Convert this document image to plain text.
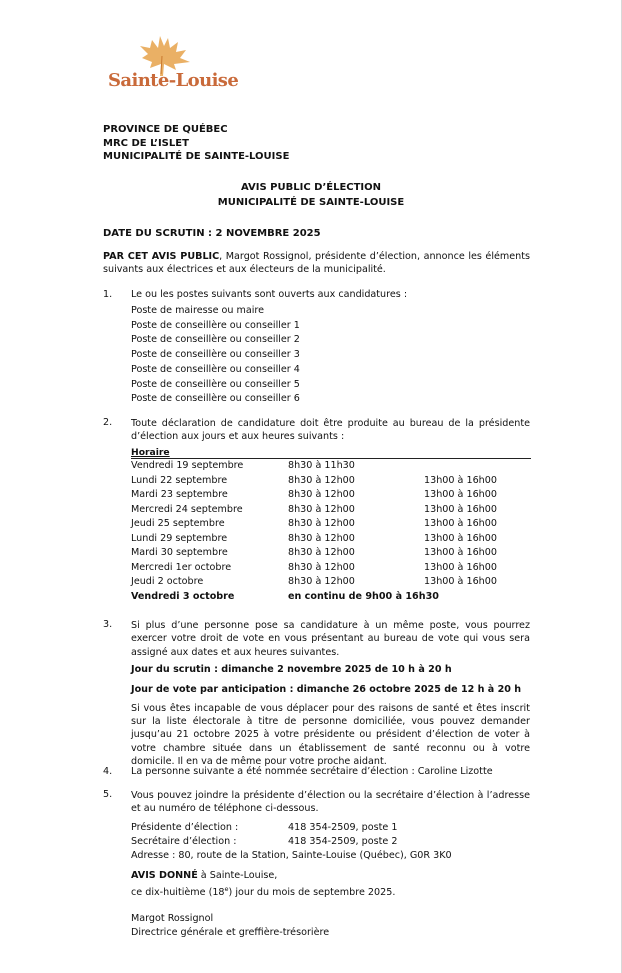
Sainte-Louise
PROVINCE DE QUÉBEC
MRC DE L’ISLET
MUNICIPALITÉ DE SAINTE-LOUISE
AVIS PUBLIC D’ÉLECTION
MUNICIPALITÉ DE SAINTE-LOUISE
DATE DU SCRUTIN : 2 NOVEMBRE 2025
PAR CET AVIS PUBLIC, Margot Rossignol, présidente d’élection, annonce les éléments suivants aux électrices et aux électeurs de la municipalité.
1. Le ou les postes suivants sont ouverts aux candidatures :
Poste de mairesse ou maire
Poste de conseillère ou conseiller 1
Poste de conseillère ou conseiller 2
Poste de conseillère ou conseiller 3
Poste de conseillère ou conseiller 4
Poste de conseillère ou conseiller 5
Poste de conseillère ou conseiller 6
2. Toute déclaration de candidature doit être produite au bureau de la présidente d’élection aux jours et aux heures suivants :
Horaire
Vendredi 19 septembre	8h30 à 11h30
Lundi 22 septembre	8h30 à 12h00	13h00 à 16h00
Mardi 23 septembre	8h30 à 12h00	13h00 à 16h00
Mercredi 24 septembre	8h30 à 12h00	13h00 à 16h00
Jeudi 25 septembre	8h30 à 12h00	13h00 à 16h00
Lundi 29 septembre	8h30 à 12h00	13h00 à 16h00
Mardi 30 septembre	8h30 à 12h00	13h00 à 16h00
Mercredi 1er octobre	8h30 à 12h00	13h00 à 16h00
Jeudi 2 octobre	8h30 à 12h00	13h00 à 16h00
Vendredi 3 octobre	en continu de 9h00 à 16h30
3. Si plus d’une personne pose sa candidature à un même poste, vous pourrez exercer votre droit de vote en vous présentant au bureau de vote qui vous sera assigné aux dates et aux heures suivantes.
Jour du scrutin : dimanche 2 novembre 2025 de 10 h à 20 h
Jour de vote par anticipation : dimanche 26 octobre 2025 de 12 h à 20 h
Si vous êtes incapable de vous déplacer pour des raisons de santé et êtes inscrit sur la liste électorale à titre de personne domiciliée, vous pouvez demander jusqu’au 21 octobre 2025 à votre présidente ou président d’élection de voter à votre chambre située dans un établissement de santé reconnu ou à votre domicile. Il en va de même pour votre proche aidant.
4. La personne suivante a été nommée secrétaire d’élection : Caroline Lizotte
5. Vous pouvez joindre la présidente d’élection ou la secrétaire d’élection à l’adresse et au numéro de téléphone ci-dessous.
Présidente d’élection :	418 354-2509, poste 1
Secrétaire d’élection :	418 354-2509, poste 2
Adresse : 80, route de la Station, Sainte-Louise (Québec), G0R 3K0
AVIS DONNÉ à Sainte-Louise,
ce dix-huitième (18e) jour du mois de septembre 2025.
Margot Rossignol
Directrice générale et greffière-trésorière
